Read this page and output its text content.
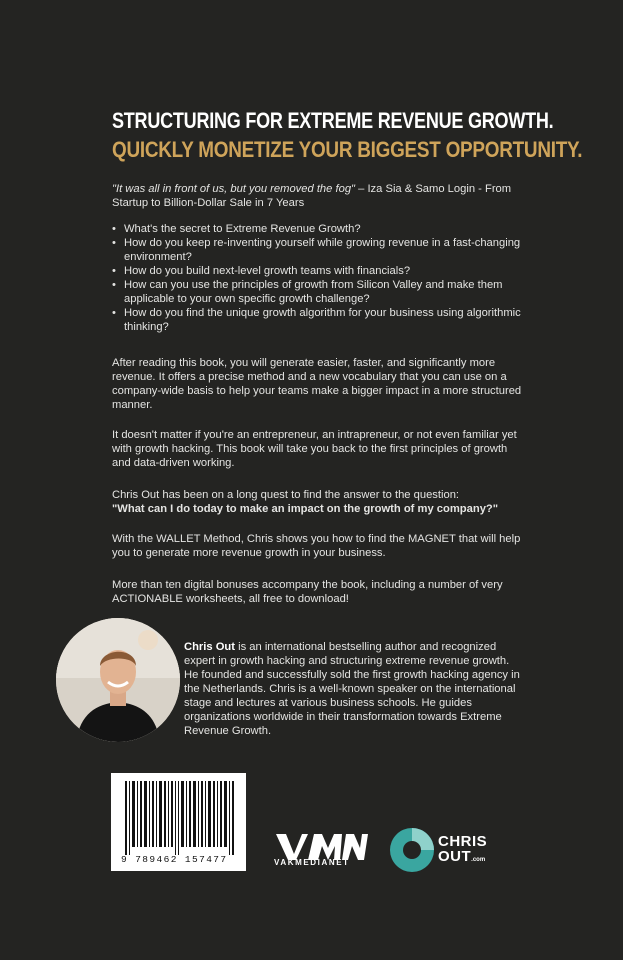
STRUCTURING FOR EXTREME REVENUE GROWTH.
QUICKLY MONETIZE YOUR BIGGEST OPPORTUNITY.
"It was all in front of us, but you removed the fog" – Iza Sia & Samo Login - From Startup to Billion-Dollar Sale in 7 Years
• What's the secret to Extreme Revenue Growth?
• How do you keep re-inventing yourself while growing revenue in a fast-changing environment?
• How do you build next-level growth teams with financials?
• How can you use the principles of growth from Silicon Valley and make them applicable to your own specific growth challenge?
• How do you find the unique growth algorithm for your business using algorithmic thinking?
After reading this book, you will generate easier, faster, and significantly more revenue. It offers a precise method and a new vocabulary that you can use on a company-wide basis to help your teams make a bigger impact in a more structured manner.
It doesn't matter if you're an entrepreneur, an intrapreneur, or not even familiar yet with growth hacking. This book will take you back to the first principles of growth and data-driven working.
Chris Out has been on a long quest to find the answer to the question:
"What can I do today to make an impact on the growth of my company?"
With the WALLET Method, Chris shows you how to find the MAGNET that will help you to generate more revenue growth in your business.
More than ten digital bonuses accompany the book, including a number of very ACTIONABLE worksheets, all free to download!
Chris Out is an international bestselling author and recognized expert in growth hacking and structuring extreme revenue growth. He founded and successfully sold the first growth hacking agency in the Netherlands. Chris is a well-known speaker on the international stage and lectures at various business schools. He guides organizations worldwide in their transformation towards Extreme Revenue Growth.
9 789462 157477	VAKMEDIANET
CHRIS
OUT.com
